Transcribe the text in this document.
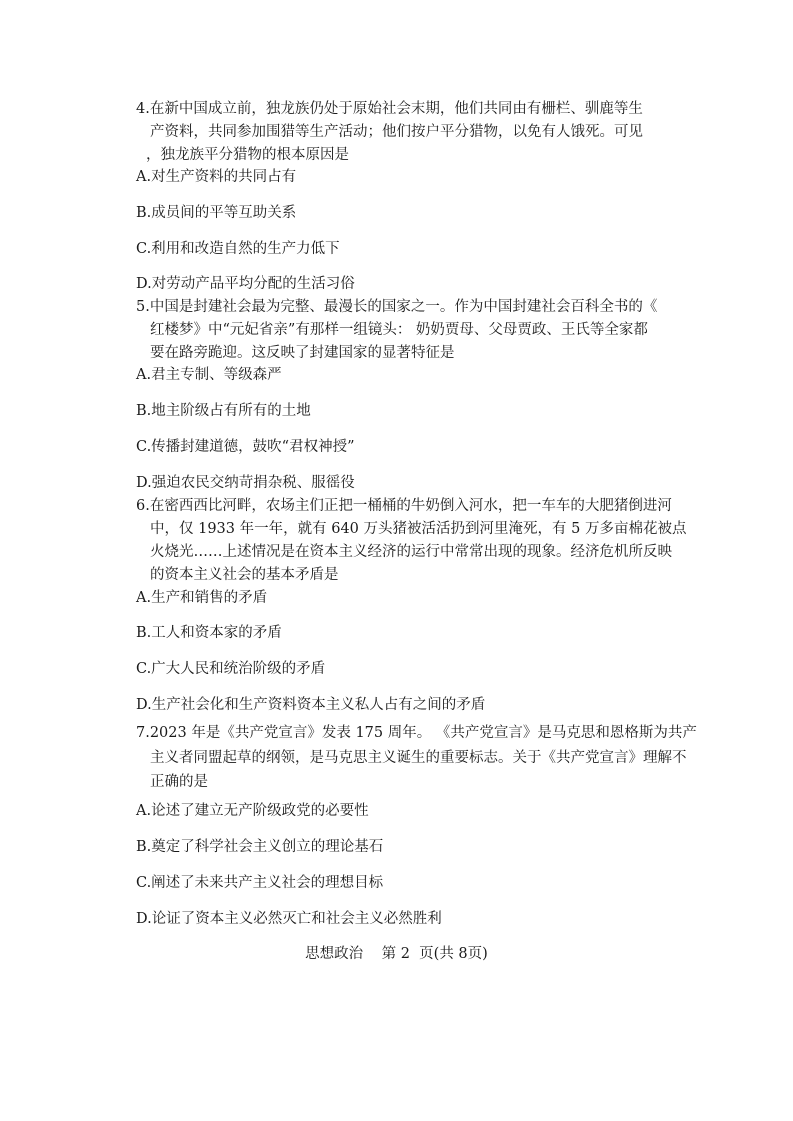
4.在新中国成立前，独龙族仍处于原始社会末期，他们共同由有栅栏、驯鹿等生
产资料，共同参加围猎等生产活动；他们按户平分猎物，以免有人饿死。可见
，独龙族平分猎物的根本原因是
A.对生产资料的共同占有
B.成员间的平等互助关系
C.利用和改造自然的生产力低下
D.对劳动产品平均分配的生活习俗
5.中国是封建社会最为完整、最漫长的国家之一。作为中国封建社会百科全书的《
红楼梦》中“元妃省亲”有那样一组镜头： 奶奶贾母、父母贾政、王氏等全家都
要在路旁跪迎。这反映了封建国家的显著特征是
A.君主专制、等级森严
B.地主阶级占有所有的土地
C.传播封建道德，鼓吹“君权神授”
D.强迫农民交纳苛捐杂税、服徭役
6.在密西西比河畔，农场主们正把一桶桶的牛奶倒入河水，把一车车的大肥猪倒进河
中，仅 1933 年一年，就有 640 万头猪被活活扔到河里淹死，有 5 万多亩棉花被点
火烧光……上述情况是在资本主义经济的运行中常常出现的现象。经济危机所反映
的资本主义社会的基本矛盾是
A.生产和销售的矛盾
B.工人和资本家的矛盾
C.广大人民和统治阶级的矛盾
D.生产社会化和生产资料资本主义私人占有之间的矛盾
7.2023 年是《共产党宣言》发表 175 周年。 《共产党宣言》是马克思和恩格斯为共产
主义者同盟起草的纲领，是马克思主义诞生的重要标志。关于《共产党宣言》理解不
正确的是
A.论述了建立无产阶级政党的必要性
B.奠定了科学社会主义创立的理论基石
C.阐述了未来共产主义社会的理想目标
D.论证了资本主义必然灭亡和社会主义必然胜利
思想政治    第 2  页(共 8页)
